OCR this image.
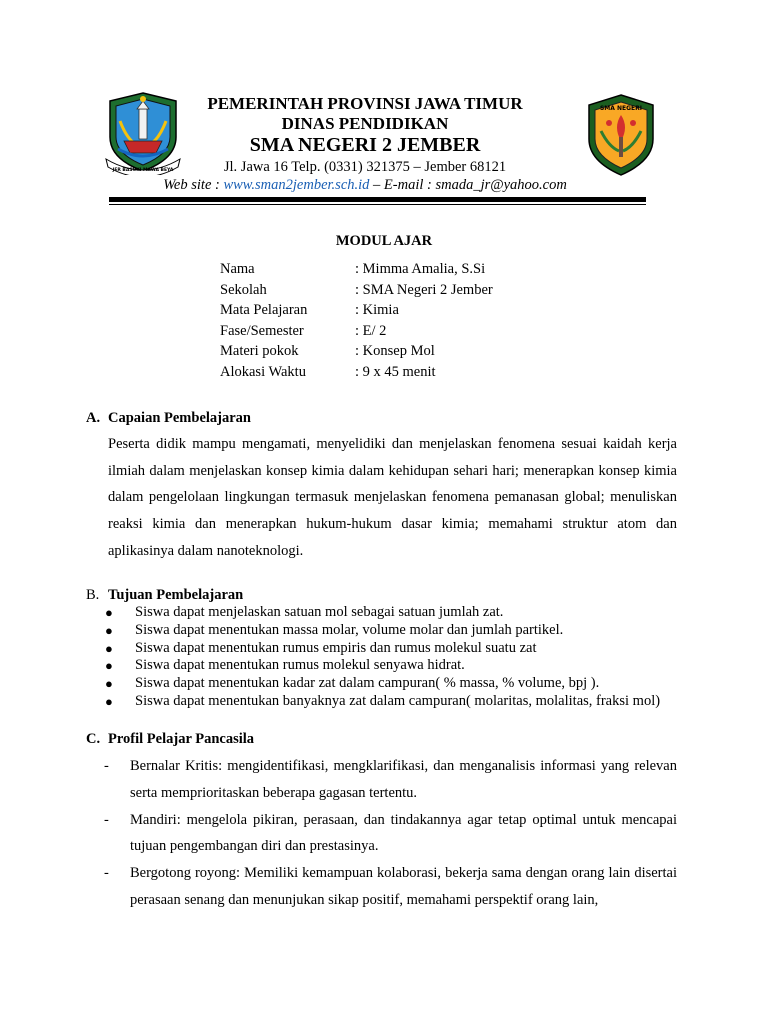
JER BASUKI MAWA BEYA
PEMERINTAH PROVINSI JAWA TIMUR
DINAS PENDIDIKAN
SMA NEGERI 2 JEMBER
Jl. Jawa 16 Telp. (0331) 321375 – Jember 68121
Web site : www.sman2jember.sch.id – E-mail : smada_jr@yahoo.com
SMA NEGERI
MODUL AJAR
Nama	: Mimma Amalia, S.Si
Sekolah	: SMA Negeri 2 Jember
Mata Pelajaran	: Kimia
Fase/Semester	: E/ 2
Materi pokok	: Konsep Mol
Alokasi Waktu	: 9 x 45 menit
A. Capaian Pembelajaran

Peserta didik mampu mengamati, menyelidiki dan menjelaskan fenomena sesuai kaidah kerja ilmiah dalam menjelaskan konsep kimia dalam kehidupan sehari hari; menerapkan konsep kimia dalam pengelolaan lingkungan termasuk menjelaskan fenomena pemanasan global; menuliskan reaksi kimia dan menerapkan hukum-hukum dasar kimia; memahami struktur atom dan aplikasinya dalam nanoteknologi.

B. Tujuan Pembelajaran
●	Siswa dapat menjelaskan satuan mol sebagai satuan jumlah zat.
●	Siswa dapat menentukan massa molar, volume molar dan jumlah partikel.
●	Siswa dapat menentukan rumus empiris dan rumus molekul suatu zat
●	Siswa dapat menentukan rumus molekul senyawa hidrat.
●	Siswa dapat menentukan kadar zat dalam campuran( % massa, % volume, bpj ).
●	Siswa dapat menentukan banyaknya zat dalam campuran( molaritas, molalitas, fraksi mol)
C. Profil Pelajar Pancasila
-	Bernalar Kritis: mengidentifikasi, mengklarifikasi, dan menganalisis informasi yang relevan serta memprioritaskan beberapa gagasan tertentu.
-	Mandiri: mengelola pikiran, perasaan, dan tindakannya agar tetap optimal untuk mencapai tujuan pengembangan diri dan prestasinya.
-	Bergotong royong: Memiliki kemampuan kolaborasi, bekerja sama dengan orang lain disertai perasaan senang dan menunjukan sikap positif, memahami perspektif orang lain,
